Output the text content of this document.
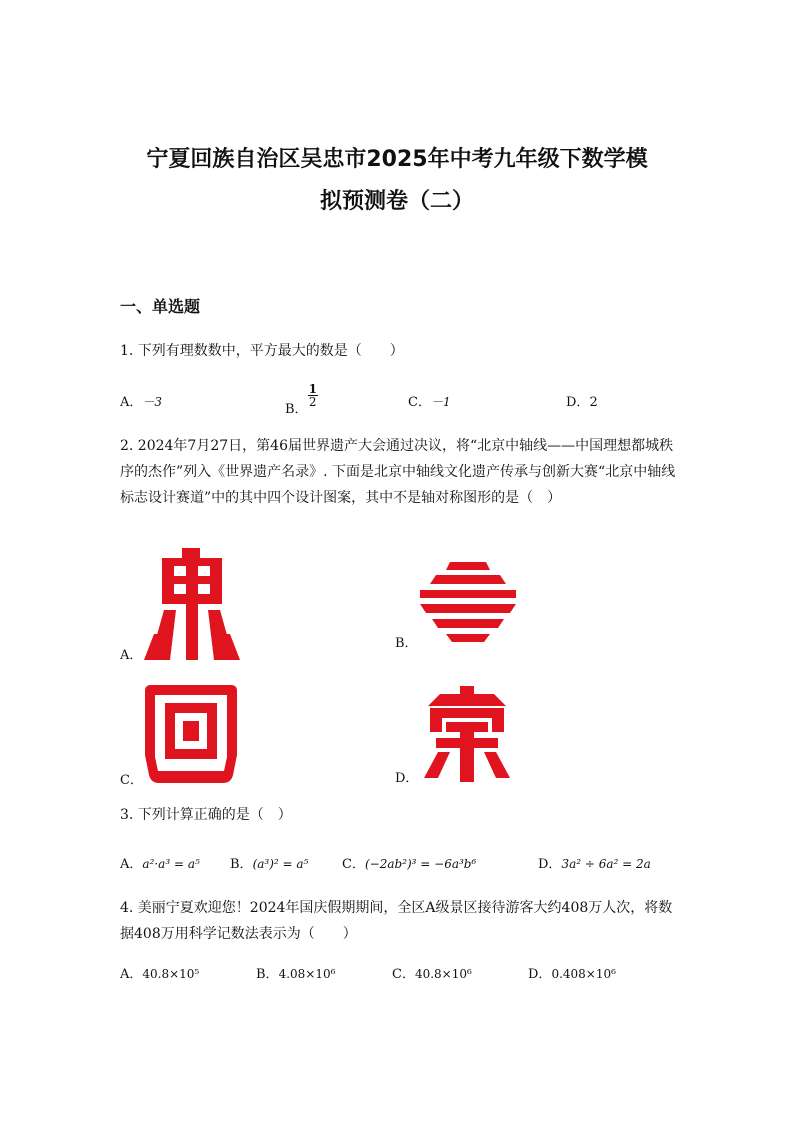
宁夏回族自治区吴忠市2025年中考九年级下数学模
拟预测卷（二）
一、单选题
1. 下列有理数数中，平方最大的数是（　　）
A．－3	B．
$\frac{1}{2}$	C．－1	D．2
2. 2024年7月27日，第46届世界遗产大会通过决议，将“北京中轴线——中国理想都城秩序的杰作”列入《世界遗产名录》. 下面是北京中轴线文化遗产传承与创新大赛“北京中轴线标志设计赛道”中的其中四个设计图案，其中不是轴对称图形的是（　）
A．
B．
C．	D．
3. 下列计算正确的是（　）
A．a²·a³ = a⁵ B．(a³)² = a⁵	C．(−2ab²)³ = −6a³b⁶	D．3a² ÷ 6a² = 2a
4. 美丽宁夏欢迎您！2024年国庆假期期间，全区A级景区接待游客大约408万人次，将数据408万用科学记数法表示为（　　）
A．40.8×10⁵	B．4.08×10⁶	C．40.8×10⁶	D．0.408×10⁶
